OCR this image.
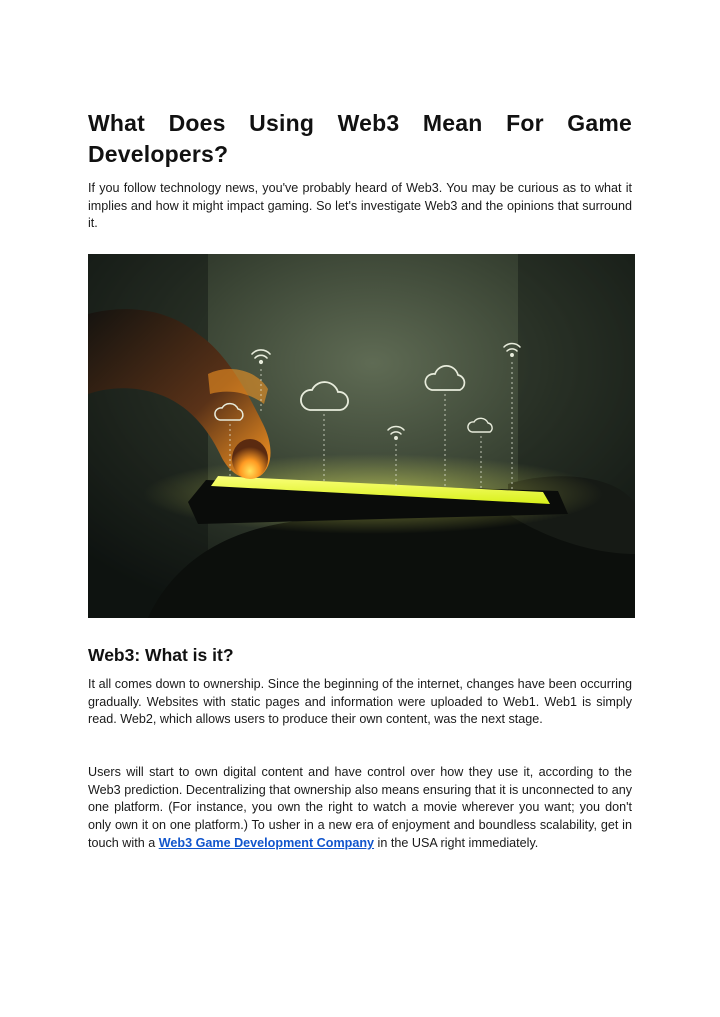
What Does Using Web3 Mean For Game Developers?

If you follow technology news, you've probably heard of Web3. You may be curious as to what it implies and how it might impact gaming. So let's investigate Web3 and the opinions that surround it.

Web3: What is it?

It all comes down to ownership. Since the beginning of the internet, changes have been occurring gradually. Websites with static pages and information were uploaded to Web1. Web1 is simply read. Web2, which allows users to produce their own content, was the next stage.

Users will start to own digital content and have control over how they use it, according to the Web3 prediction. Decentralizing that ownership also means ensuring that it is unconnected to any one platform. (For instance, you own the right to watch a movie wherever you want; you don't only own it on one platform.) To usher in a new era of enjoyment and boundless scalability, get in touch with a Web3 Game Development Company in the USA right immediately.
